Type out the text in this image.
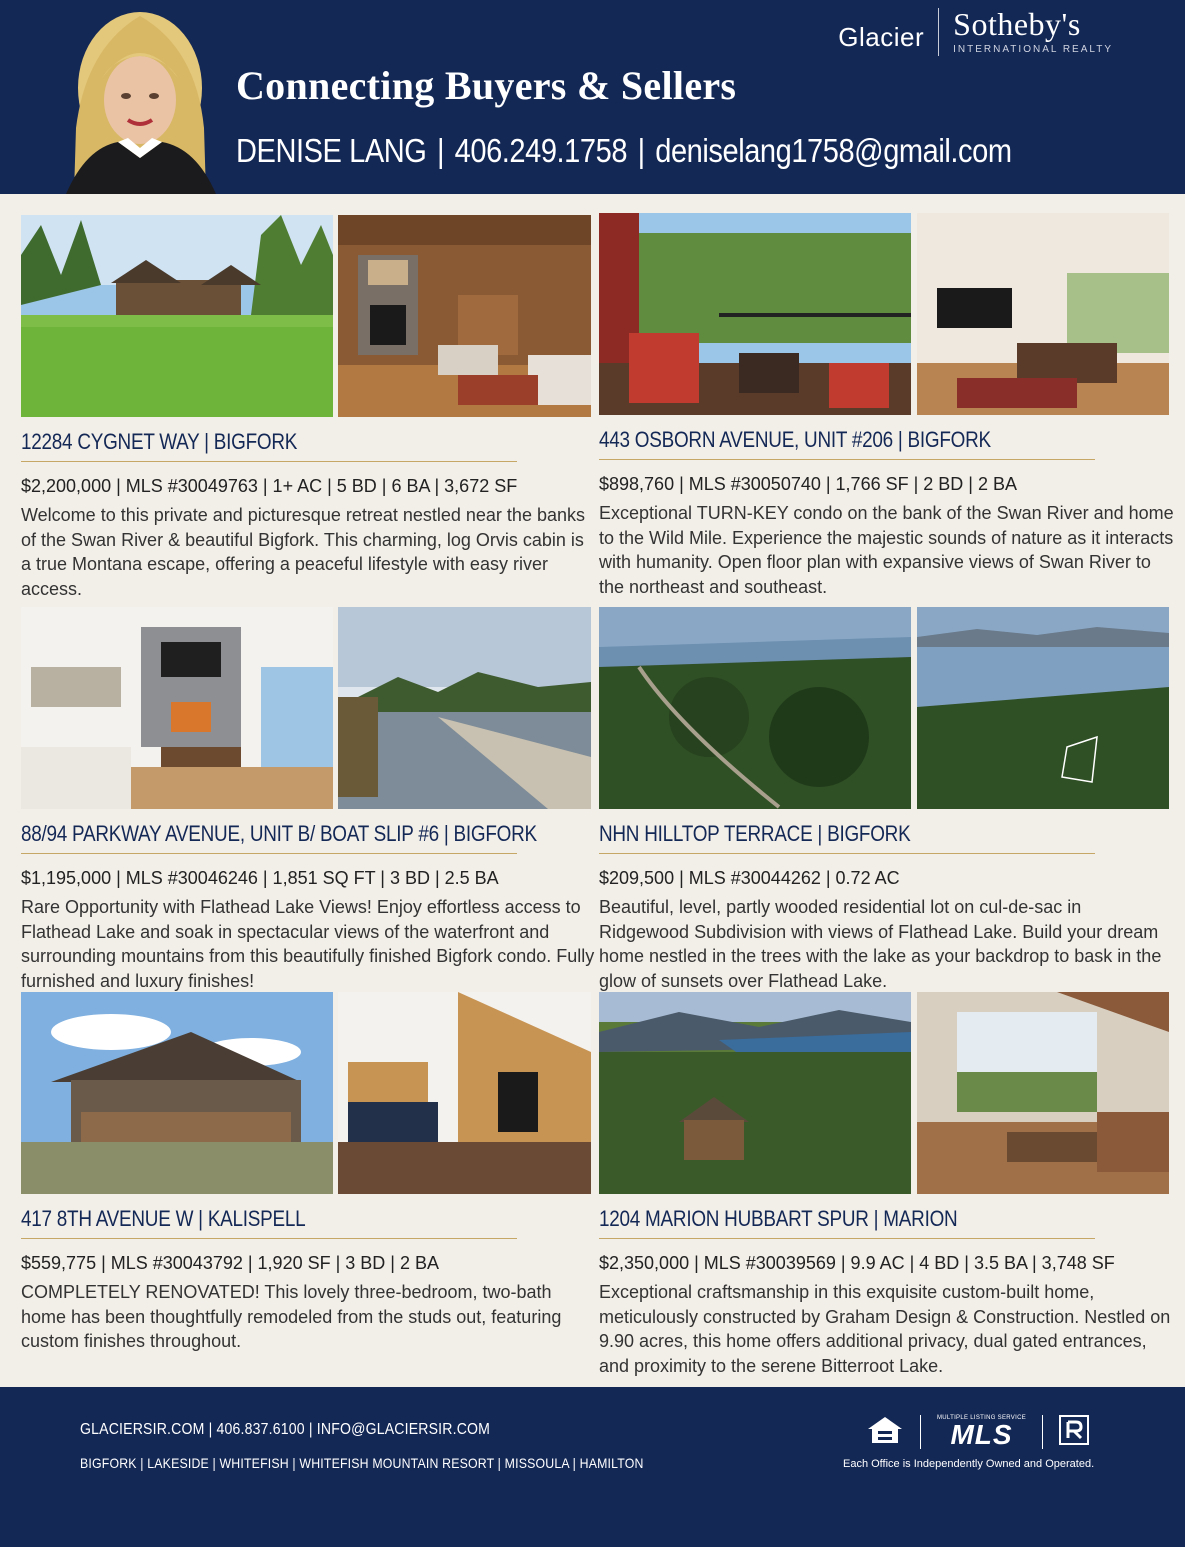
Glacier Sotheby's
INTERNATIONAL REALTY
Connecting Buyers & Sellers
DENISE LANG | 406.249.1758 | deniselang1758@gmail.com
12284 CYGNET WAY | BIGFORK
$2,200,000 | MLS #30049763 | 1+ AC | 5 BD | 6 BA | 3,672 SF
Welcome to this private and picturesque retreat nestled near the banks of the Swan River & beautiful Bigfork. This charming, log Orvis cabin is a true Montana escape, offering a peaceful lifestyle with easy river access.
443 OSBORN AVENUE, UNIT #206 | BIGFORK
$898,760 | MLS #30050740 | 1,766 SF | 2 BD | 2 BA
Exceptional TURN-KEY condo on the bank of the Swan River and home to the Wild Mile. Experience the majestic sounds of nature as it interacts with humanity. Open floor plan with expansive views of Swan River to the northeast and southeast.
88/94 PARKWAY AVENUE, UNIT B/ BOAT SLIP #6 | BIGFORK
$1,195,000 | MLS #30046246 | 1,851 SQ FT | 3 BD | 2.5 BA
Rare Opportunity with Flathead Lake Views! Enjoy effortless access to Flathead Lake and soak in spectacular views of the waterfront and surrounding mountains from this beautifully finished Bigfork condo. Fully furnished and luxury finishes!
NHN HILLTOP TERRACE | BIGFORK
$209,500 | MLS #30044262 | 0.72 AC
Beautiful, level, partly wooded residential lot on cul-de-sac in Ridgewood Subdivision with views of Flathead Lake. Build your dream home nestled in the trees with the lake as your backdrop to bask in the glow of sunsets over Flathead Lake.
417 8TH AVENUE W | KALISPELL
$559,775 | MLS #30043792 | 1,920 SF | 3 BD | 2 BA
COMPLETELY RENOVATED! This lovely three-bedroom, two-bath home has been thoughtfully remodeled from the studs out, featuring custom finishes throughout.
1204 MARION HUBBART SPUR | MARION
$2,350,000 | MLS #30039569 | 9.9 AC | 4 BD | 3.5 BA | 3,748 SF
Exceptional craftsmanship in this exquisite custom-built home, meticulously constructed by Graham Design & Construction. Nestled on 9.90 acres, this home offers additional privacy, dual gated entrances, and proximity to the serene Bitterroot Lake.
GLACIERSIR.COM | 406.837.6100 | INFO@GLACIERSIR.COM
BIGFORK | LAKESIDE | WHITEFISH | WHITEFISH MOUNTAIN RESORT | MISSOULA | HAMILTON
MULTIPLE LISTING SERVICE
MLS
Each Office is Independently Owned and Operated.
